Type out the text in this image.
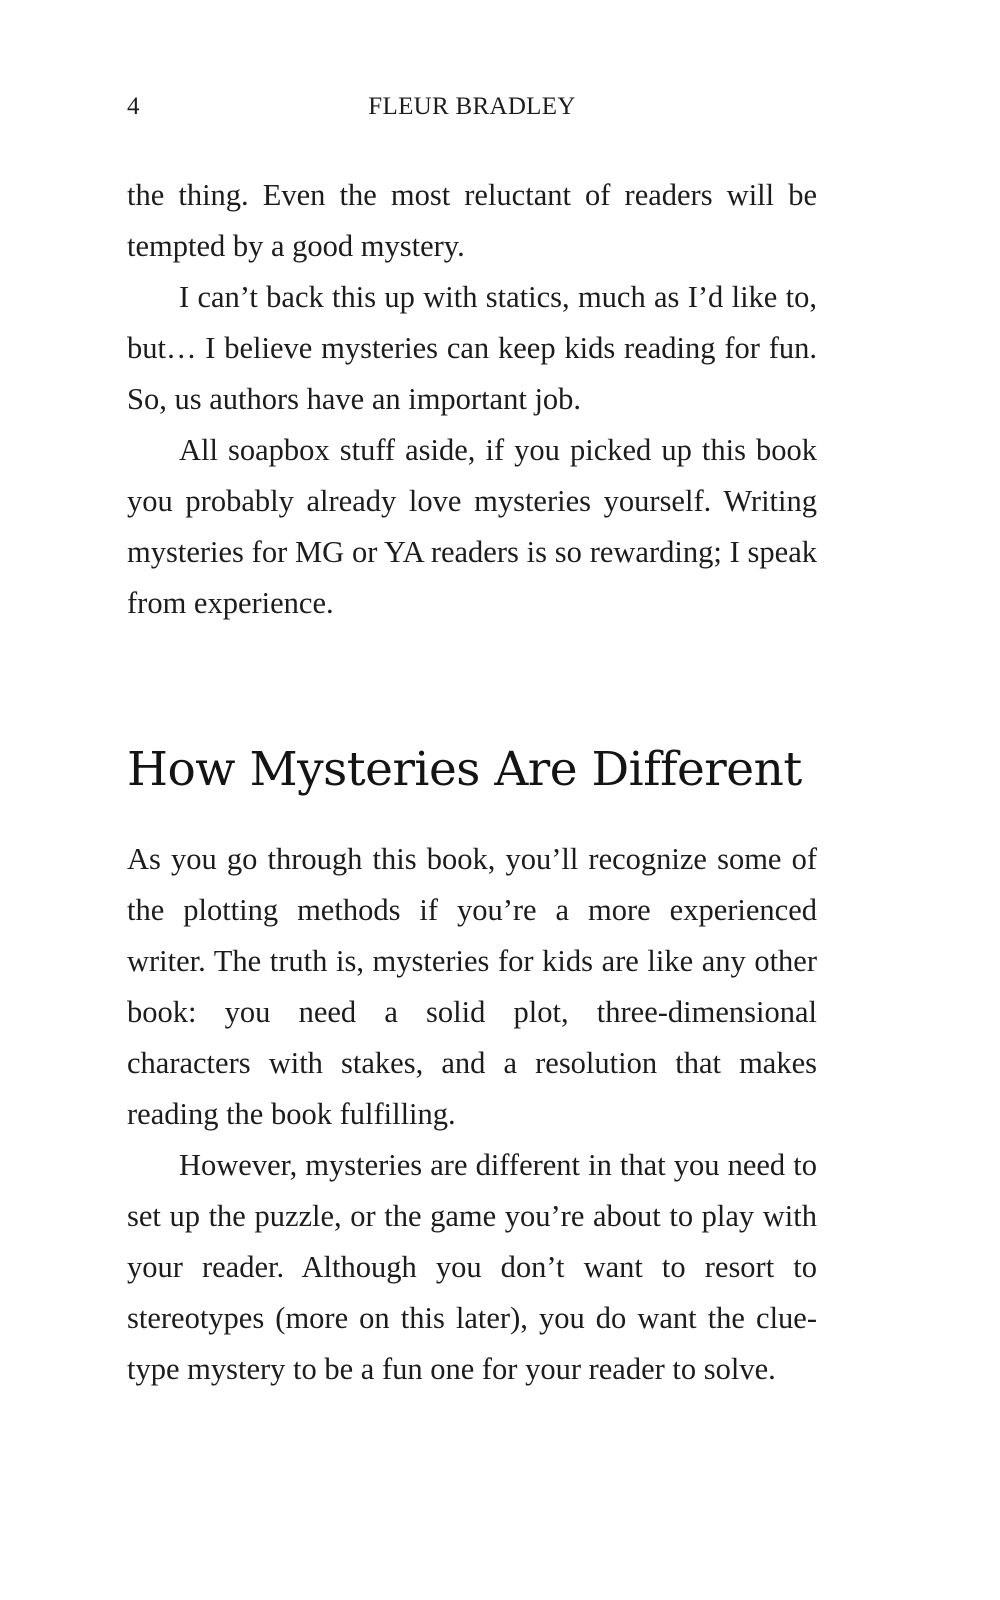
4	FLEUR BRADLEY

the thing. Even the most reluctant of readers will be tempted by a good mystery.

I can’t back this up with statics, much as I’d like to, but… I believe mysteries can keep kids reading for fun. So, us authors have an important job.

All soapbox stuff aside, if you picked up this book you probably already love mysteries yourself. Writing mysteries for MG or YA readers is so rewarding; I speak from experience.

How Mysteries Are Different

As you go through this book, you’ll recognize some of the plotting methods if you’re a more experienced writer. The truth is, mysteries for kids are like any other book: you need a solid plot, three-dimensional characters with stakes, and a resolution that makes reading the book fulfilling.

However, mysteries are different in that you need to set up the puzzle, or the game you’re about to play with your reader. Although you don’t want to resort to stereotypes (more on this later), you do want the clue-type mystery to be a fun one for your reader to solve.
